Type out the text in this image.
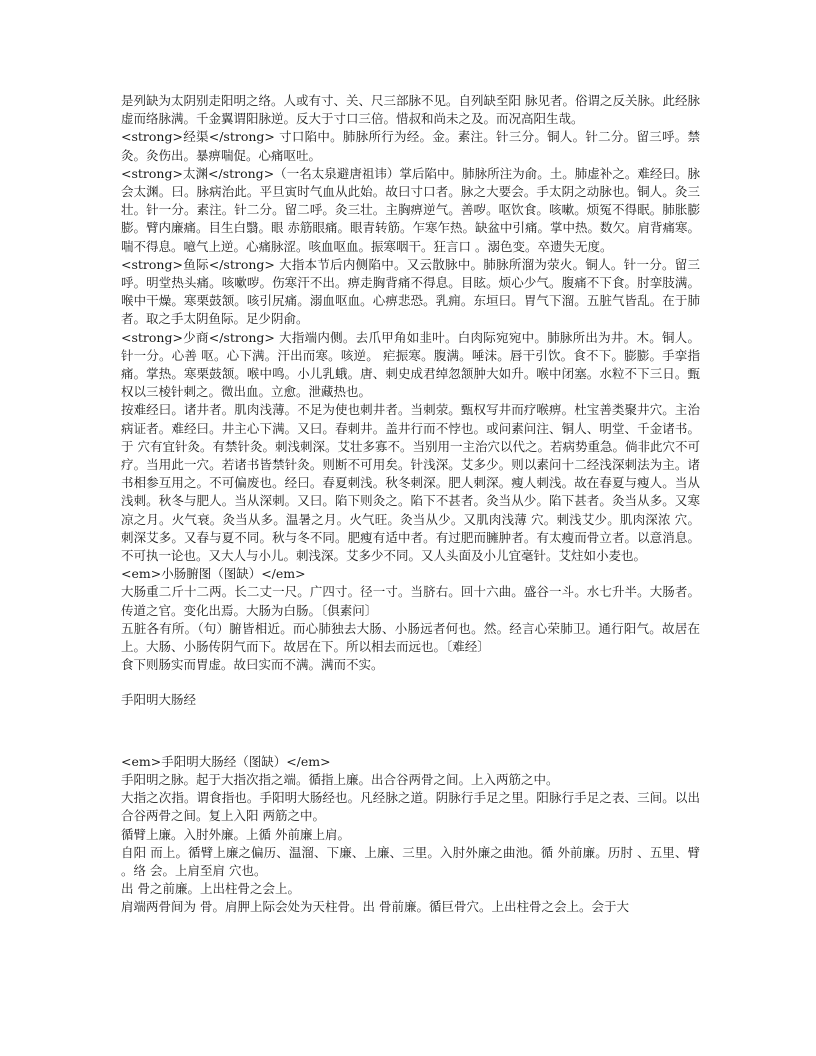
是列缺为太阴别走阳明之络。人或有寸、关、尺三部脉不见。自列缺至阳 脉见者。俗谓之反关脉。此经脉虚而络脉满。千金翼谓阳脉逆。反大于寸口三倍。惜叔和尚未之及。而况高阳生哉。

<strong>经渠</strong> 寸口陷中。肺脉所行为经。金。素注。针三分。铜人。针二分。留三呼。禁灸。灸伤出。暴痹喘促。心痛呕吐。

<strong>太渊</strong>（一名太泉避唐祖讳）掌后陷中。肺脉所注为俞。土。肺虚补之。难经曰。脉会太渊。曰。脉病治此。平旦寅时气血从此始。故曰寸口者。脉之大要会。手太阴之动脉也。铜人。灸三壮。针一分。素注。针二分。留二呼。灸三壮。主胸痹逆气。善哕。呕饮食。咳嗽。烦冤不得眠。肺胀膨膨。臂内廉痛。目生白翳。眼 赤筋眼痛。眼青转筋。乍寒乍热。缺盆中引痛。掌中热。数欠。肩背痛寒。喘不得息。噫气上逆。心痛脉涩。咳血呕血。振寒咽干。狂言口 。溺色变。卒遗失无度。

<strong>鱼际</strong> 大指本节后内侧陷中。又云散脉中。肺脉所溜为荥火。铜人。针一分。留三呼。明堂热头痛。咳嗽哕。伤寒汗不出。痹走胸背痛不得息。目眩。烦心少气。腹痛不下食。肘挛肢满。喉中干燥。寒栗鼓颔。咳引尻痛。溺血呕血。心痹悲恐。乳痈。东垣曰。胃气下溜。五脏气皆乱。在于肺者。取之手太阴鱼际。足少阴俞。

<strong>少商</strong> 大指端内侧。去爪甲角如韭叶。白肉际宛宛中。肺脉所出为井。木。铜人。针一分。心善 呕。心下满。汗出而寒。咳逆。 疟振寒。腹满。唾沫。唇干引饮。食不下。膨膨。手挛指痛。掌热。寒栗鼓颔。喉中鸣。小儿乳蛾。唐、刺史成君绰忽颔肿大如升。喉中闭塞。水粒不下三日。甄权以三棱针刺之。微出血。立愈。泄藏热也。

按难经曰。诸井者。肌肉浅薄。不足为使也刺井者。当刺荥。甄权写井而疗喉痹。杜宝善类聚井穴。主治病证者。难经曰。井主心下满。又曰。春刺井。盖井行而不悖也。或问素问注、铜人、明堂、千金诸书。于 穴有宜针灸。有禁针灸。刺浅刺深。艾壮多寡不。当别用一主治穴以代之。若病势重急。倘非此穴不可疗。当用此一穴。若诸书皆禁针灸。则断不可用矣。针浅深。艾多少。则以素问十二经浅深刺法为主。诸书相参互用之。不可偏废也。经曰。春夏刺浅。秋冬刺深。肥人刺深。瘦人刺浅。故在春夏与瘦人。当从浅刺。秋冬与肥人。当从深刺。又曰。陷下则灸之。陷下不甚者。灸当从少。陷下甚者。灸当从多。又寒凉之月。火气衰。灸当从多。温暑之月。火气旺。灸当从少。又肌肉浅薄 穴。刺浅艾少。肌肉深浓 穴。刺深艾多。又春与夏不同。秋与冬不同。肥瘦有适中者。有过肥而臃肿者。有太瘦而骨立者。以意消息。不可执一论也。又大人与小儿。刺浅深。艾多少不同。又人头面及小儿宜毫针。艾炷如小麦也。

<em>小肠腑图（图缺）</em>

大肠重二斤十二两。长二丈一尺。广四寸。径一寸。当脐右。回十六曲。盛谷一斗。水七升半。大肠者。传道之官。变化出焉。大肠为白肠。〔俱素问〕

五脏各有所。（句）腑皆相近。而心肺独去大肠、小肠远者何也。然。经言心荣肺卫。通行阳气。故居在上。大肠、小肠传阴气而下。故居在下。所以相去而远也。〔难经〕

食下则肠实而胃虚。故曰实而不满。满而不实。

手阳明大肠经

<em>手阳明大肠经（图缺）</em>

手阳明之脉。起于大指次指之端。循指上廉。出合谷两骨之间。上入两筋之中。

大指之次指。谓食指也。手阳明大肠经也。凡经脉之道。阴脉行手足之里。阳脉行手足之表、三间。以出合谷两骨之间。复上入阳 两筋之中。

循臂上廉。入肘外廉。上循 外前廉上肩。

自阳 而上。循臂上廉之偏历、温溜、下廉、上廉、三里。入肘外廉之曲池。循 外前廉。历肘 、五里、臂 。络 会。上肩至肩 穴也。

出 骨之前廉。上出柱骨之会上。

肩端两骨间为 骨。肩胛上际会处为天柱骨。出 骨前廉。循巨骨穴。上出柱骨之会上。会于大
